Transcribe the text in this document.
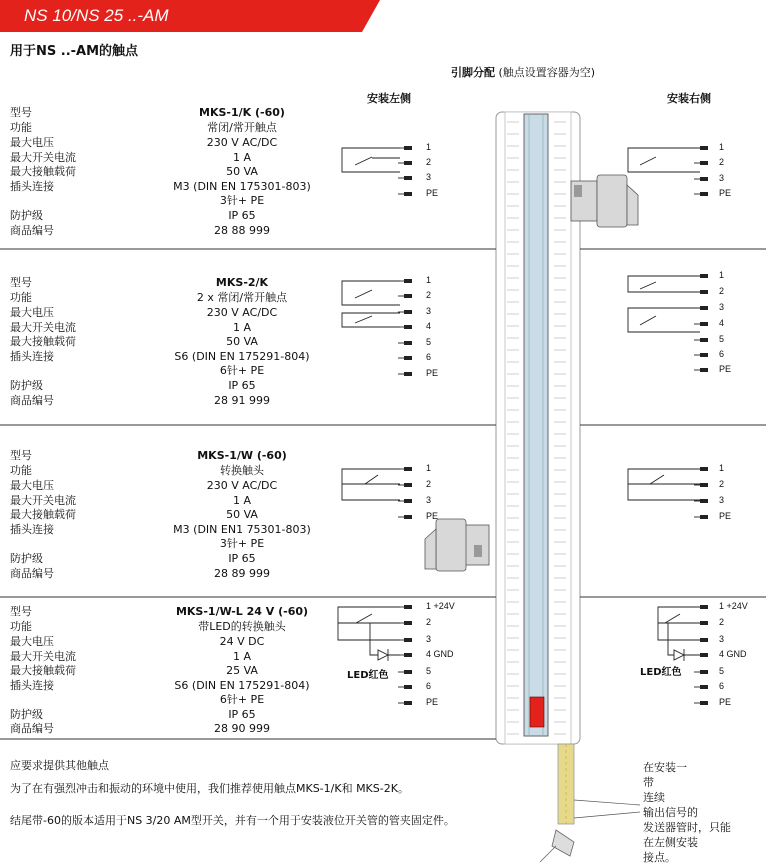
NS 10/NS 25 ..-AM
用于NS ..-AM的触点
引脚分配 (触点设置容器为空)
安装左侧	安装右侧
型号
功能
最大电压
最大开关电流
最大接触载荷
插头连接
防护级
商品编号
MKS-1/K (-60)
常闭/常开触点
230 V AC/DC
1 A
50 VA
M3 (DIN EN 175301-803)
3针+ PE
IP 65
28 88 999
型号
功能
最大电压
最大开关电流
最大接触载荷
插头连接
防护级
商品编号
MKS-2/K
2 x 常闭/常开触点
230 V AC/DC
1 A
50 VA
S6 (DIN EN 175291-804)
6针+ PE
IP 65
28 91 999
型号
功能
最大电压
最大开关电流
最大接触载荷
插头连接
防护级
商品编号
MKS-1/W (-60)
转换触头
230 V AC/DC
1 A
50 VA
M3 (DIN EN1 75301-803)
3针+ PE
IP 65
28 89 999
型号
功能
最大电压
最大开关电流
最大接触载荷
插头连接
防护级
商品编号
MKS-1/W-L 24 V (-60)
带LED的转换触头
24 V DC
1 A
25 VA
S6 (DIN EN 175291-804)
6针+ PE
IP 65
28 90 999
1
2
3
PE
1
2
3
4
5
6
PE
1
2
3
PE
1 +24V
2
3
4 GND
5
6
PE
1
2
3
PE
1
2
3
4
5
6
PE
1
2
3
PE
1 +24V
2
3
4 GND
5
6
PE
LED红色	LED红色
应要求提供其他触点
为了在有强烈冲击和振动的环境中使用，我们推荐使用触点MKS-1/K和 MKS-2K。
结尾带-60的版本适用于NS 3/20 AM型开关，并有一个用于安装液位开关管的管夹固定件。
在安装一
带
连续
输出信号的
发送器管时，只能
在左侧安装
接点。
